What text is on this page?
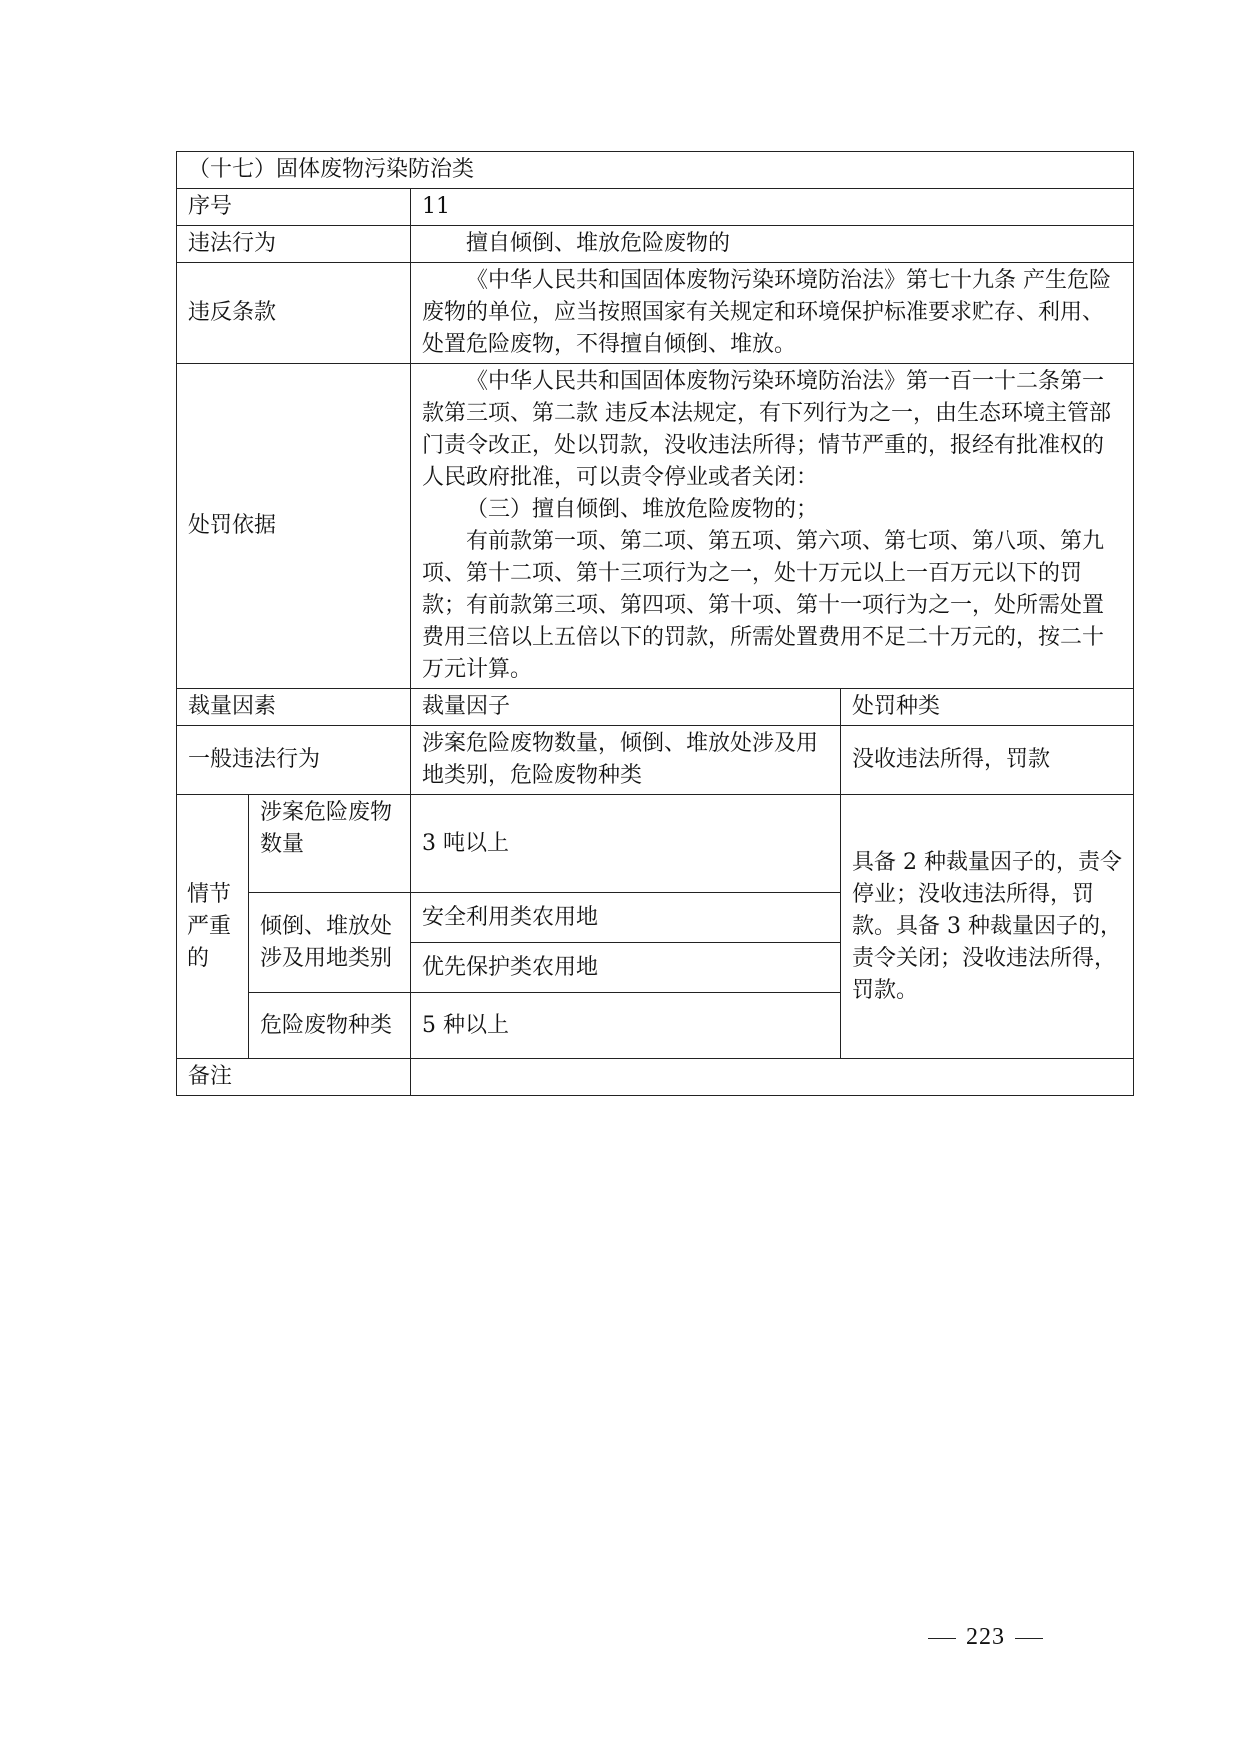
（十七）固体废物污染防治类			
序号		11	
违法行为		擅自倾倒、堆放危险废物的	
违反条款		《中华人民共和国固体废物污染环境防治法》第七十九条 产生危险废物的单位，应当按照国家有关规定和环境保护标准要求贮存、利用、处置危险废物，不得擅自倾倒、堆放。	
处罚依据		《中华人民共和国固体废物污染环境防治法》第一百一十二条第一款第三项、第二款 违反本法规定，有下列行为之一，由生态环境主管部门责令改正，处以罚款，没收违法所得；情节严重的，报经有批准权的人民政府批准，可以责令停业或者关闭：
（三）擅自倾倒、堆放危险废物的；
有前款第一项、第二项、第五项、第六项、第七项、第八项、第九项、第十二项、第十三项行为之一，处十万元以上一百万元以下的罚款；有前款第三项、第四项、第十项、第十一项行为之一，处所需处置费用三倍以上五倍以下的罚款，所需处置费用不足二十万元的，按二十万元计算。	

裁量因素		裁量因子	处罚种类
一般违法行为		涉案危险废物数量，倾倒、堆放处涉及用地类别，危险废物种类	没收违法所得，罚款
情节严重的	涉案危险废物数量	3 吨以上	具备 2 种裁量因子的，责令停业；没收违法所得，罚款。具备 3 种裁量因子的，责令关闭；没收违法所得，罚款。
	倾倒、堆放处涉及用地类别	安全利用类农用地	
		优先保护类农用地	
	危险废物种类	5 种以上	
备注			
223
